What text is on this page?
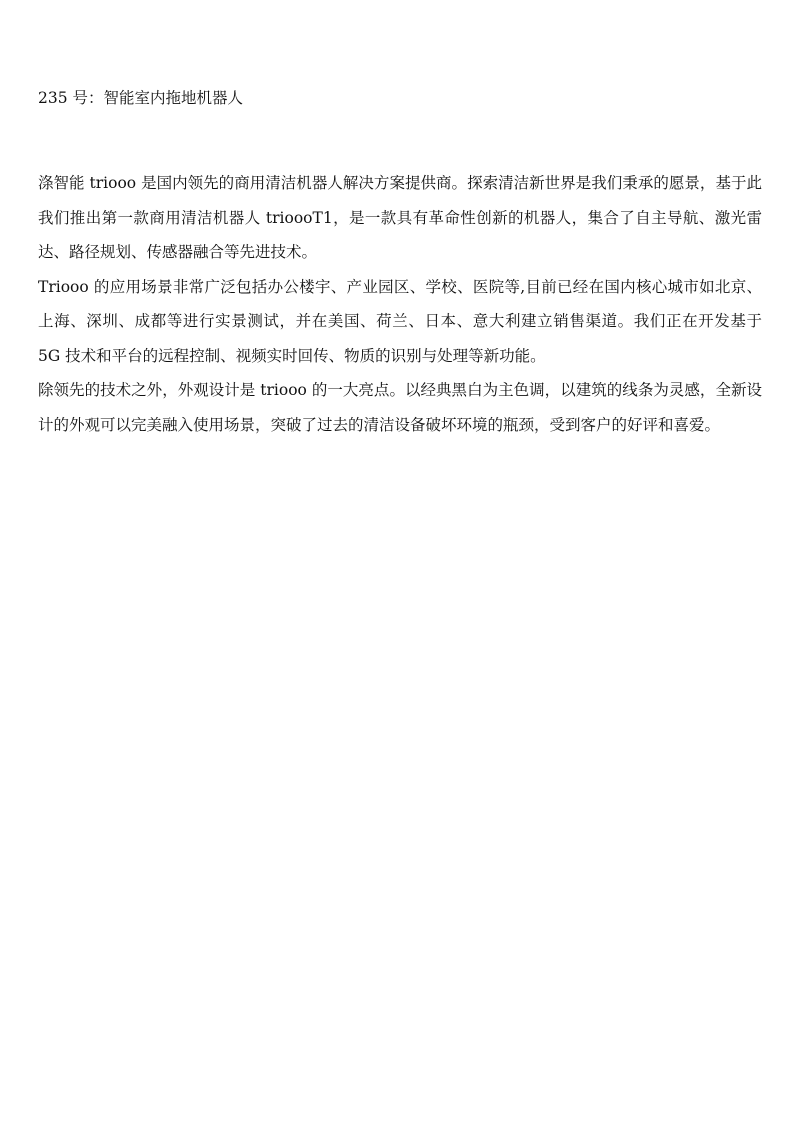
235 号：智能室内拖地机器人

涤智能 triooo 是国内领先的商用清洁机器人解决方案提供商。探索清洁新世界是我们秉承的愿景，基于此我们推出第一款商用清洁机器人 trioooT1，是一款具有革命性创新的机器人，集合了自主导航、激光雷达、路径规划、传感器融合等先进技术。

Triooo 的应用场景非常广泛包括办公楼宇、产业园区、学校、医院等,目前已经在国内核心城市如北京、上海、深圳、成都等进行实景测试，并在美国、荷兰、日本、意大利建立销售渠道。我们正在开发基于 5G 技术和平台的远程控制、视频实时回传、物质的识别与处理等新功能。

除领先的技术之外，外观设计是 triooo 的一大亮点。以经典黑白为主色调，以建筑的线条为灵感，全新设计的外观可以完美融入使用场景，突破了过去的清洁设备破坏环境的瓶颈，受到客户的好评和喜爱。
